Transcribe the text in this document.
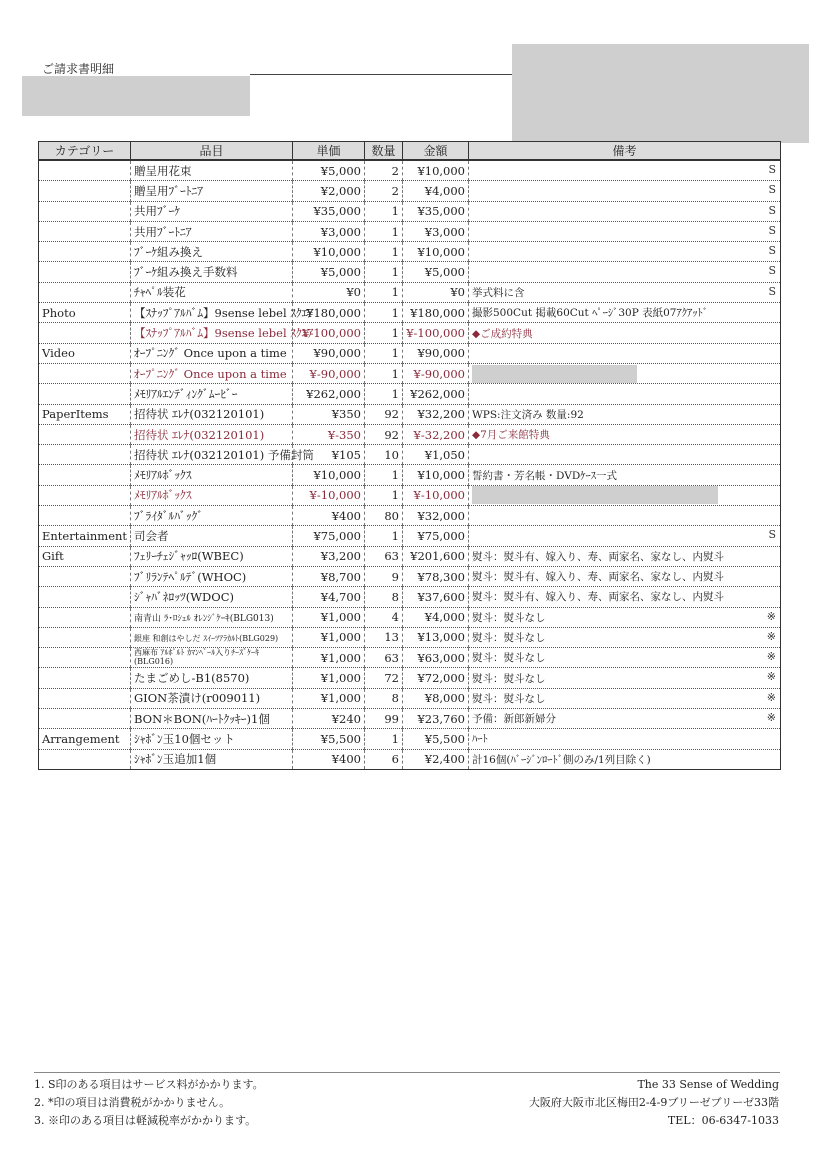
ご請求書明細
カテゴリー	品目	単価	数量	金額	備考
	贈呈用花束	¥5,000	2	¥10,000	S

	贈呈用ﾌﾞｰﾄﾆｱ	¥2,000	2	¥4,000	S

	共用ﾌﾞｰｹ	¥35,000	1	¥35,000	S

	共用ﾌﾞｰﾄﾆｱ	¥3,000	1	¥3,000	S

	ﾌﾞｰｹ組み換え	¥10,000	1	¥10,000	S

	ﾌﾞｰｹ組み換え手数料	¥5,000	1	¥5,000	S

	ﾁｬﾍﾟﾙ装花	¥0	1	¥0	挙式料に含 S

Photo	【ｽﾅｯﾌﾟｱﾙﾊﾞﾑ】9sense lebel ｽｸｴｱ	¥180,000	1	¥180,000	撮影500Cut 掲載60Cut ﾍﾟｰｼﾞ30P 表紙07ｱｸｱｯﾄﾞ
	【ｽﾅｯﾌﾟｱﾙﾊﾞﾑ】9sense lebel ｽｸｴｱ	¥-100,000	1	¥-100,000	◆ご成約特典
Video	ｵｰﾌﾟﾆﾝｸﾞ Once upon a time	¥90,000	1	¥90,000	
	ｵｰﾌﾟﾆﾝｸﾞ Once upon a time	¥-90,000	1	¥-90,000	
	ﾒﾓﾘｱﾙｴﾝﾃﾞｨﾝｸﾞﾑｰﾋﾞｰ	¥262,000	1	¥262,000	
PaperItems	招待状 ｴﾚﾅ(032120101)	¥350	92	¥32,200	WPS:注文済み 数量:92
	招待状 ｴﾚﾅ(032120101)	¥-350	92	¥-32,200	◆7月ご来館特典
	招待状 ｴﾚﾅ(032120101) 予備封筒	¥105	10	¥1,050	
	ﾒﾓﾘｱﾙﾎﾞｯｸｽ	¥10,000	1	¥10,000	誓約書・芳名帳・DVDｹｰｽ一式
	ﾒﾓﾘｱﾙﾎﾞｯｸｽ	¥-10,000	1	¥-10,000	
	ﾌﾞﾗｲﾀﾞﾙﾊﾞｯｸﾞ	¥400	80	¥32,000	
Entertainment	司会者	¥75,000	1	¥75,000	S

Gift	ﾌｪﾘｰﾁｪｼﾞｬｯﾛ(WBEC)	¥3,200	63	¥201,600	熨斗：熨斗有、嫁入り、寿、両家名、家なし、内熨斗
	ﾌﾞﾘﾗﾝﾃﾍﾟﾙﾃﾞ(WHOC)	¥8,700	9	¥78,300	熨斗：熨斗有、嫁入り、寿、両家名、家なし、内熨斗
	ｼﾞｬﾊﾞﾈﾛｯﾂ(WDOC)	¥4,700	8	¥37,600	熨斗：熨斗有、嫁入り、寿、両家名、家なし、内熨斗
	南青山 ﾗ･ﾛｼｪﾙ ｵﾚﾝｼﾞｹｰｷ(BLG013)	¥1,000	4	¥4,000	熨斗：熨斗なし ※

	銀座 和創はやしだ ｽｲｰﾂｱﾗｶﾙﾄ(BLG029)	¥1,000	13	¥13,000	熨斗：熨斗なし ※

	西麻布 ｱﾙﾎﾟﾙﾄ ｶﾏﾝﾍﾞｰﾙ入りﾁｰｽﾞｹｰｷ(BLG016)	¥1,000	63	¥63,000	熨斗：熨斗なし ※

	たまごめし-B1(8570)	¥1,000	72	¥72,000	熨斗：熨斗なし ※

	GION茶漬け(r009011)	¥1,000	8	¥8,000	熨斗：熨斗なし ※

	BON＊BON(ﾊｰﾄｸｯｷｰ)1個	¥240	99	¥23,760	予備：新郎新婦分 ※

Arrangement	ｼｬﾎﾞﾝ玉10個セット	¥5,500	1	¥5,500	ﾊｰﾄ
	ｼｬﾎﾞﾝ玉追加1個	¥400	6	¥2,400	計16個(ﾊﾞｰｼﾞﾝﾛｰﾄﾞ側のみ/1列目除く)
1. S印のある項目はサービス料がかかります。
2. *印の項目は消費税がかかりません。
3. ※印のある項目は軽減税率がかかります。
The 33 Sense of Wedding
大阪府大阪市北区梅田2-4-9ブリーゼブリーゼ33階
TEL：06-6347-1033
